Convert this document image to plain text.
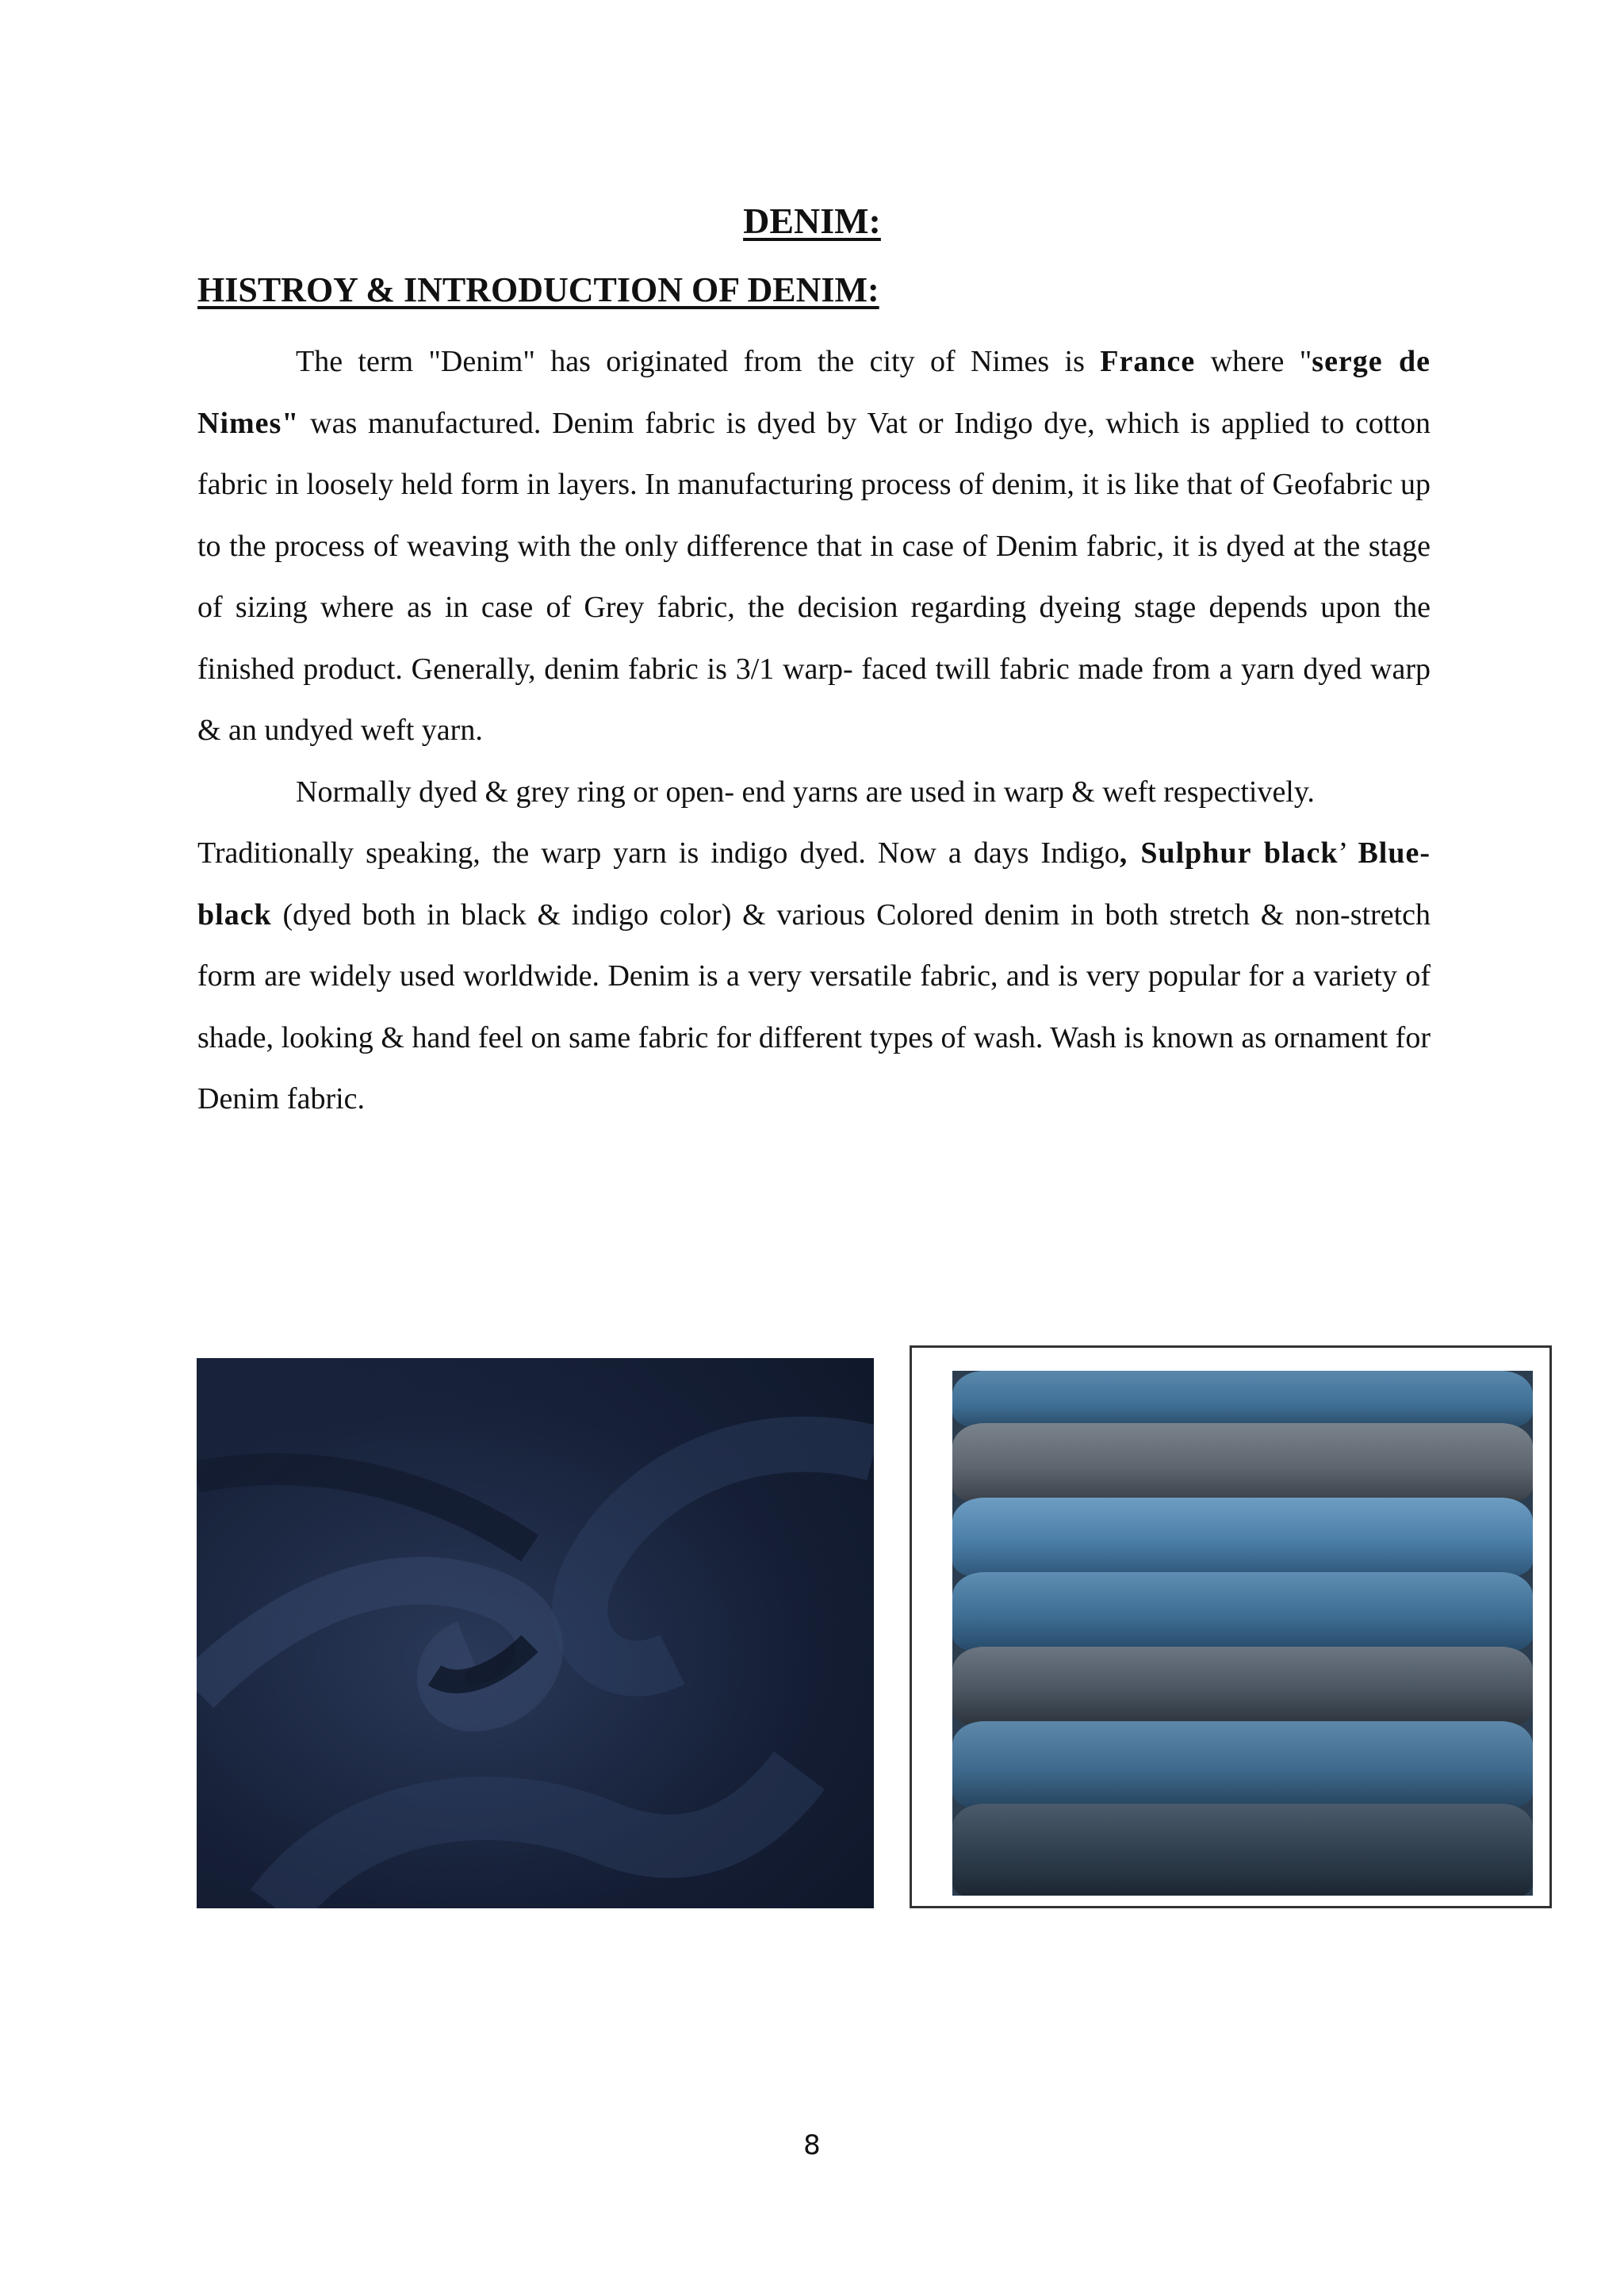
DENIM:
HISTROY & INTRODUCTION OF DENIM:

The term "Denim" has originated from the city of Nimes is France where "serge de Nimes" was manufactured. Denim fabric is dyed by Vat or Indigo dye, which is applied to cotton fabric in loosely held form in layers. In manufacturing process of denim, it is like that of Geofabric up to the process of weaving with the only difference that in case of Denim fabric, it is dyed at the stage of sizing where as in case of Grey fabric, the decision regarding dyeing stage depends upon the finished product. Generally, denim fabric is 3/1 warp- faced twill fabric made from a yarn dyed warp & an undyed weft yarn.

Normally dyed & grey ring or open- end yarns are used in warp & weft respectively.

Traditionally speaking, the warp yarn is indigo dyed. Now a days Indigo, Sulphur black’ Blue-black (dyed both in black & indigo color) & various Colored denim in both stretch & non-stretch form are widely used worldwide. Denim is a very versatile fabric, and is very popular for a variety of shade, looking & hand feel on same fabric for different types of wash. Wash is known as ornament for Denim fabric.

8
